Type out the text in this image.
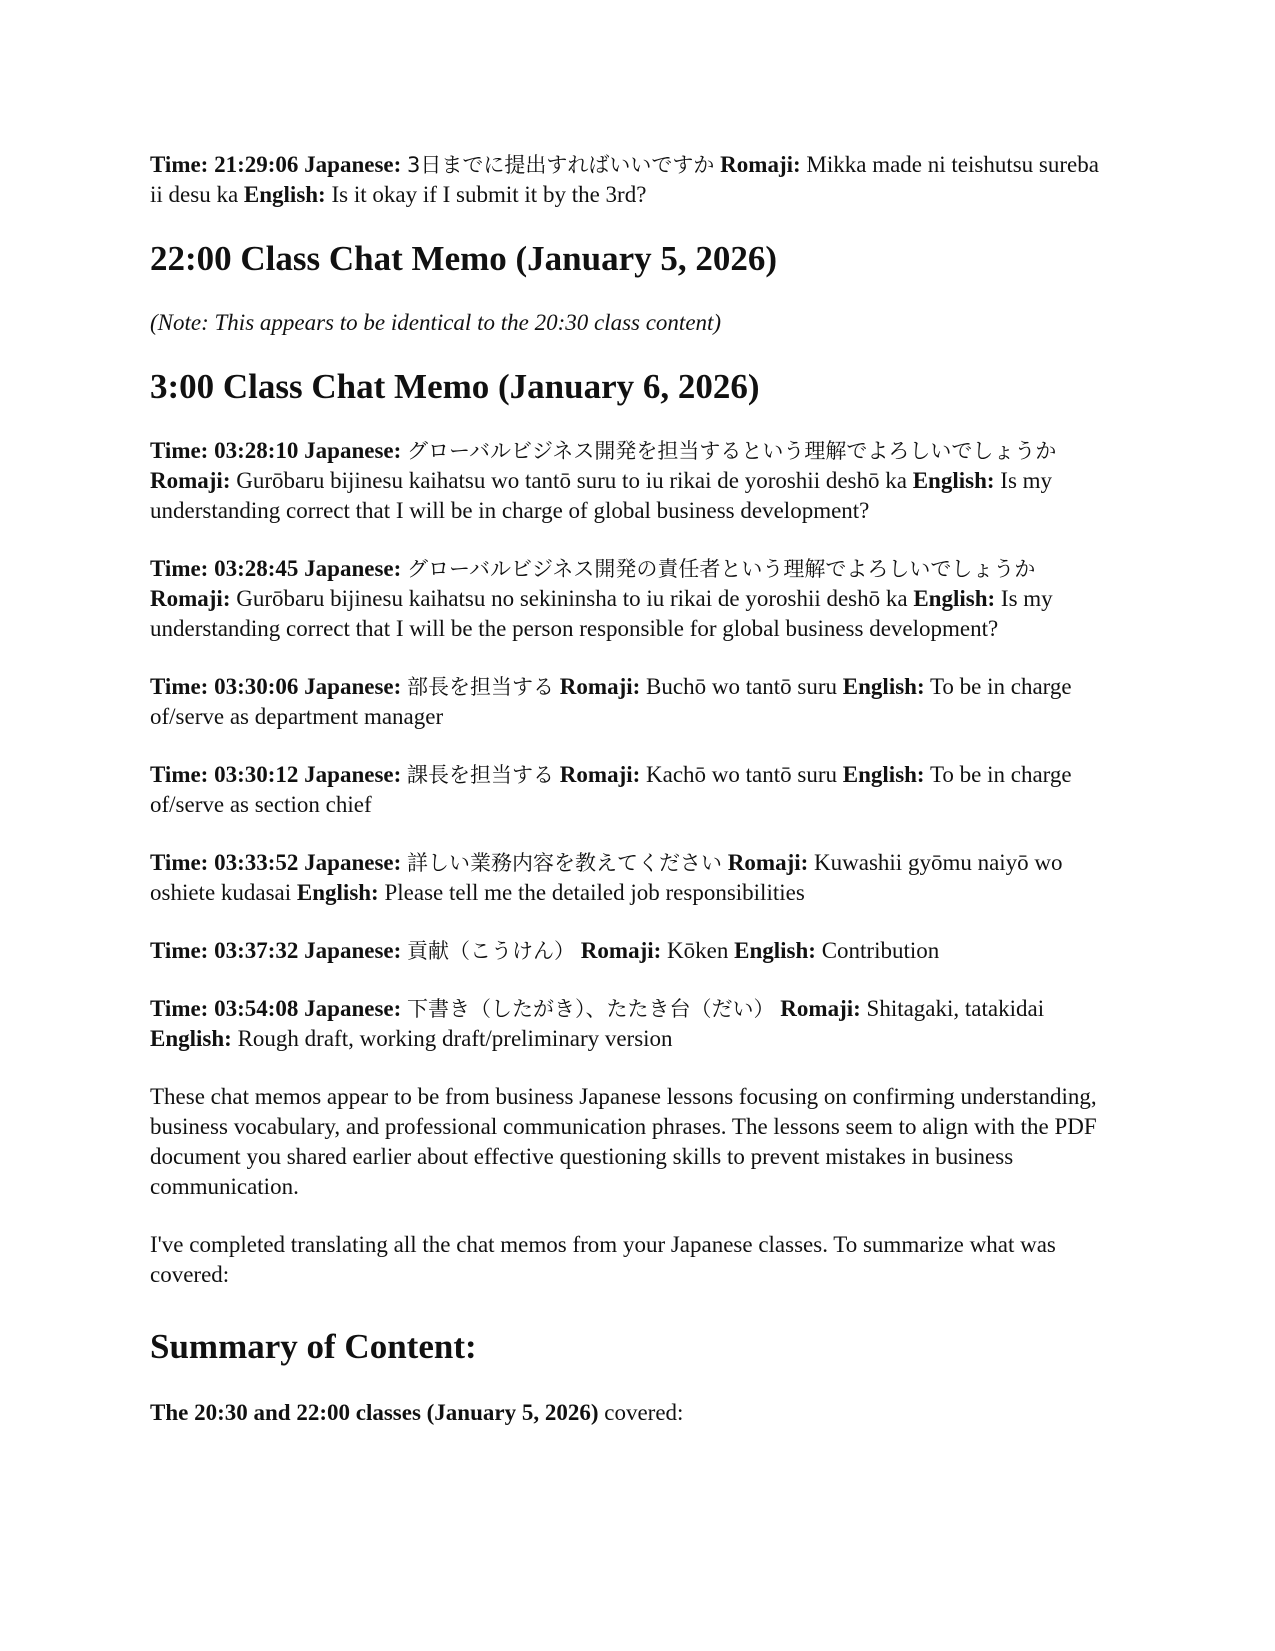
Time: 21:29:06 Japanese: 3日までに提出すればいいですか Romaji: Mikka made ni teishutsu sureba ii desu ka English: Is it okay if I submit it by the 3rd?

22:00 Class Chat Memo (January 5, 2026)

(Note: This appears to be identical to the 20:30 class content)

3:00 Class Chat Memo (January 6, 2026)

Time: 03:28:10 Japanese: グローバルビジネス開発を担当するという理解でよろしいでしょうか Romaji: Gurōbaru bijinesu kaihatsu wo tantō suru to iu rikai de yoroshii deshō ka English: Is my understanding correct that I will be in charge of global business development?

Time: 03:28:45 Japanese: グローバルビジネス開発の責任者という理解でよろしいでしょうか Romaji: Gurōbaru bijinesu kaihatsu no sekininsha to iu rikai de yoroshii deshō ka English: Is my understanding correct that I will be the person responsible for global business development?

Time: 03:30:06 Japanese: 部長を担当する Romaji: Buchō wo tantō suru English: To be in charge of/serve as department manager

Time: 03:30:12 Japanese: 課長を担当する Romaji: Kachō wo tantō suru English: To be in charge of/serve as section chief

Time: 03:33:52 Japanese: 詳しい業務内容を教えてください Romaji: Kuwashii gyōmu naiyō wo oshiete kudasai English: Please tell me the detailed job responsibilities

Time: 03:37:32 Japanese: 貢献（こうけん） Romaji: Kōken English: Contribution

Time: 03:54:08 Japanese: 下書き（したがき）、たたき台（だい） Romaji: Shitagaki, tatakidai English: Rough draft, working draft/preliminary version

These chat memos appear to be from business Japanese lessons focusing on confirming understanding, business vocabulary, and professional communication phrases. The lessons seem to align with the PDF document you shared earlier about effective questioning skills to prevent mistakes in business communication.

I've completed translating all the chat memos from your Japanese classes. To summarize what was covered:

Summary of Content:

The 20:30 and 22:00 classes (January 5, 2026) covered:
